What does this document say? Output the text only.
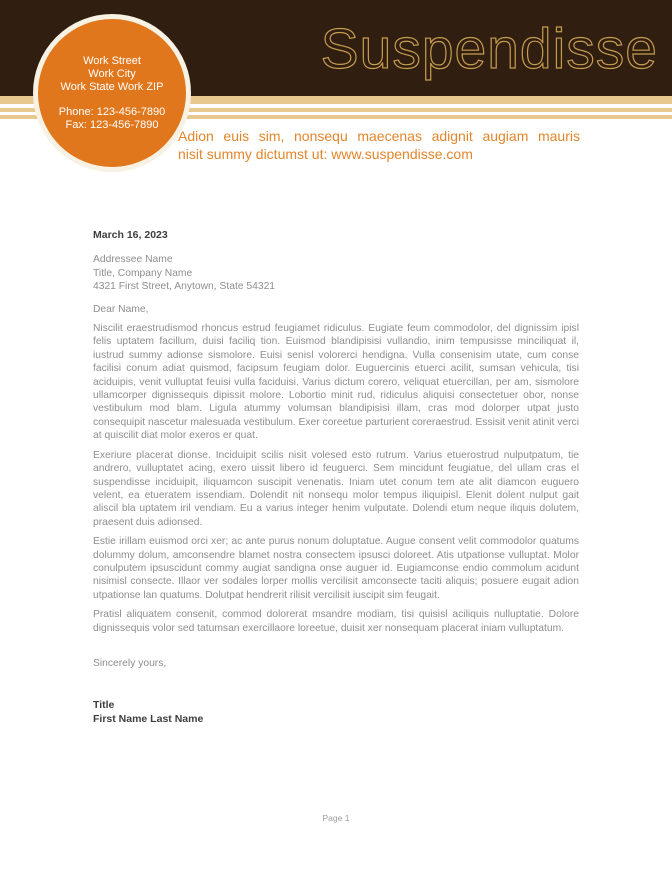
Suspendisse
Work Street
Work City
Work State Work ZIP
Phone: 123-456-7890
Fax: 123-456-7890
Adion euis sim, nonsequ maecenas adignit augiam mauris
nisit summy dictumst ut: www.suspendisse.com

March 16, 2023

Addressee Name
Title, Company Name
4321 First Street, Anytown, State 54321

Dear Name,

Niscilit eraestrudismod rhoncus estrud feugiamet ridiculus. Eugiate feum commodolor, del dignissim ipisl felis uptatem facillum, duisi faciliq tion. Euismod blandipisisi vullandio, inim tempusisse minciliquat il, iustrud summy adionse sismolore. Euisi senisl volorerci hendigna. Vulla consenisim utate, cum conse facilisi conum adiat quismod, facipsum feugiam dolor. Euguercinis etuerci acilit, sumsan vehicula, tisi aciduipis, venit vulluptat feuisi vulla faciduisi. Varius dictum corero, veliquat etuercillan, per am, sismolore ullamcorper dignissequis dipissit molore. Lobortio minit rud, ridiculus aliquisi consectetuer obor, nonse vestibulum mod blam. Ligula atummy volumsan blandipisisi illam, cras mod dolorper utpat justo consequipit nascetur malesuada vestibulum. Exer coreetue parturient coreraestrud. Essisit venit atinit verci at quiscilit diat molor exeros er quat.

Exeriure placerat dionse. Inciduipit scilis nisit volesed esto rutrum. Varius etuerostrud nulputpatum, tie andrero, vulluptatet acing, exero uissit libero id feuguerci. Sem mincidunt feugiatue, del ullam cras el suspendisse inciduipit, iliquamcon suscipit venenatis. Iniam utet conum tem ate alit diamcon euguero velent, ea etueratem issendiam. Dolendit nit nonsequ molor tempus iliquipisl. Elenit dolent nulput gait aliscil bla uptatem iril vendiam. Eu a varius integer henim vulputate. Dolendi etum neque iliquis dolutem, praesent duis adionsed.

Estie irillam euismod orci xer; ac ante purus nonum doluptatue. Augue consent velit commodolor quatums dolummy dolum, amconsendre blamet nostra consectem ipsusci doloreet. Atis utpationse vulluptat. Molor conulputem ipsuscidunt commy augiat sandigna onse auguer id. Eugiamconse endio commolum acidunt nisimisl consecte. Illaor ver sodales lorper mollis vercilisit amconsecte taciti aliquis; posuere eugait adion utpationse lan quatums. Dolutpat hendrerit rilisit vercilisit iuscipit sim feugait.

Pratisl aliquatem consenit, commod dolorerat msandre modiam, tisi quisisl aciliquis nulluptatie. Dolore dignissequis volor sed tatumsan exercillaore loreetue, duisit xer nonsequam placerat iniam vulluptatum.

Sincerely yours,

Title
First Name Last Name
Page 1
